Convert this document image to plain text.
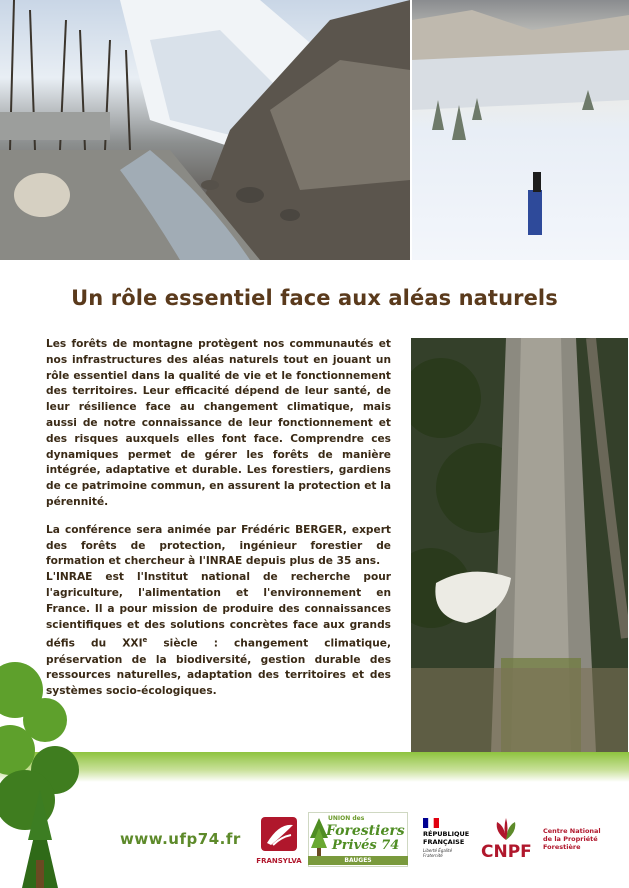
Un rôle essentiel face aux aléas naturels

Les forêts de montagne protègent nos communautés et nos infrastructures des aléas naturels tout en jouant un rôle essentiel dans la qualité de vie et le fonctionnement des territoires. Leur efficacité dépend de leur santé, de leur résilience face au changement climatique, mais aussi de notre connaissance de leur fonctionnement et des risques auxquels elles font face. Comprendre ces dynamiques permet de gérer les forêts de manière intégrée, adaptative et durable. Les forestiers, gardiens de ce patrimoine commun, en assurent la protection et la pérennité.

La conférence sera animée par Frédéric BERGER, expert des forêts de protection, ingénieur forestier de formation et chercheur à l'INRAE depuis plus de 35 ans.

L'INRAE est l'Institut national de recherche pour l'agriculture, l'alimentation et l'environnement en France. Il a pour mission de produire des connaissances scientifiques et des solutions concrètes face aux grands défis du XXIe siècle : changement climatique, préservation de la biodiversité, gestion durable des ressources naturelles, adaptation des territoires et des systèmes socio-écologiques.

www.ufp74.fr
FRANSYLVA
UNION des
Forestiers
Privés 74
BAUGES
RÉPUBLIQUE
FRANÇAISE
Liberté Égalité Fraternité	CNPF
Centre National
de la Propriété Forestière
